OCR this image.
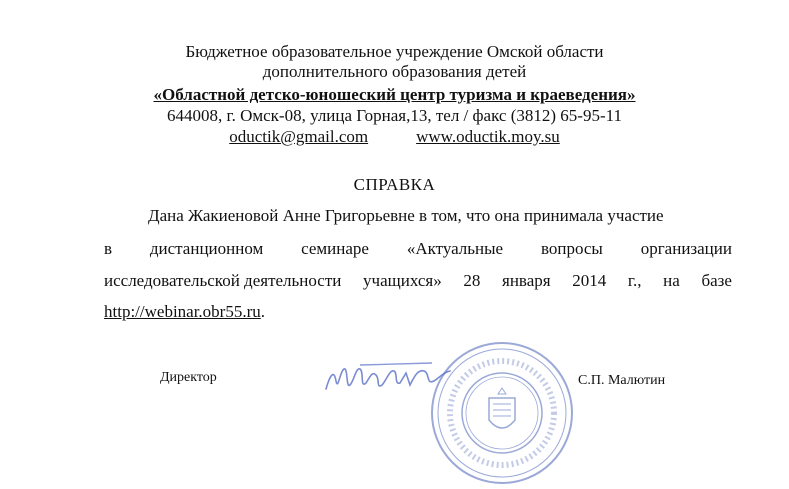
Бюджетное образовательное учреждение Омской области
дополнительного образования детей
«Областной детско-юношеский центр туризма и краеведения»
644008, г. Омск-08, улица Горная,13, тел / факс (3812) 65-95-11
oductik@gmail.com	www.oductik.moy.su
СПРАВКА
Дана Жакиеновой Анне Григорьевне в том, что она принимала участие
в дистанционном семинаре «Актуальные вопросы организации
исследовательской деятельности учащихся» 28 января 2014 г., на базе
http://webinar.obr55.ru.
Директор	С.П. Малютин
